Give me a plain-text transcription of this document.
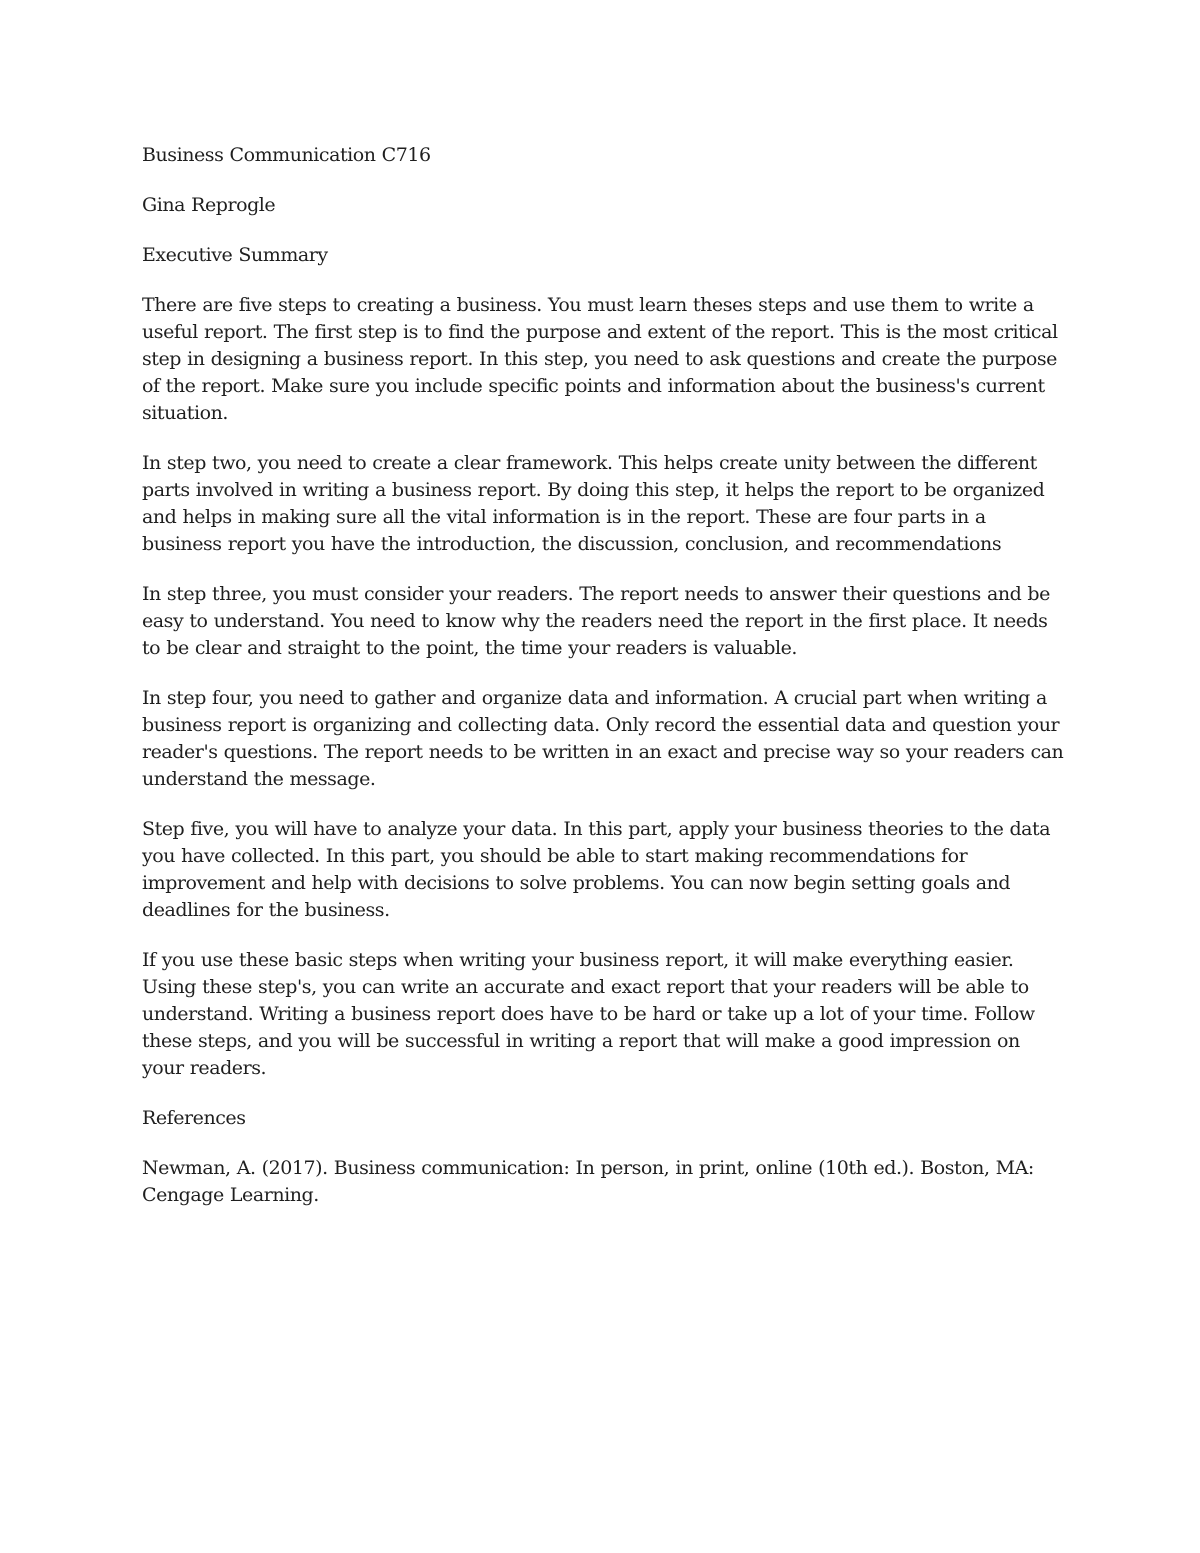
Business Communication C716

Gina Reprogle

Executive Summary

There are five steps to creating a business. You must learn theses steps and use them to write a useful report. The first step is to find the purpose and extent of the report. This is the most critical step in designing a business report. In this step, you need to ask questions and create the purpose of the report. Make sure you include specific points and information about the business's current situation.

In step two, you need to create a clear framework. This helps create unity between the different parts involved in writing a business report. By doing this step, it helps the report to be organized and helps in making sure all the vital information is in the report. These are four parts in a business report you have the introduction, the discussion, conclusion, and recommendations

In step three, you must consider your readers. The report needs to answer their questions and be easy to understand. You need to know why the readers need the report in the first place. It needs to be clear and straight to the point, the time your readers is valuable.

In step four, you need to gather and organize data and information. A crucial part when writing a business report is organizing and collecting data. Only record the essential data and question your reader's questions. The report needs to be written in an exact and precise way so your readers can understand the message.

Step five, you will have to analyze your data. In this part, apply your business theories to the data you have collected. In this part, you should be able to start making recommendations for improvement and help with decisions to solve problems. You can now begin setting goals and deadlines for the business.

If you use these basic steps when writing your business report, it will make everything easier. Using these step's, you can write an accurate and exact report that your readers will be able to understand. Writing a business report does have to be hard or take up a lot of your time. Follow these steps, and you will be successful in writing a report that will make a good impression on your readers.

References

Newman, A. (2017). Business communication: In person, in print, online (10th ed.). Boston, MA: Cengage Learning.
